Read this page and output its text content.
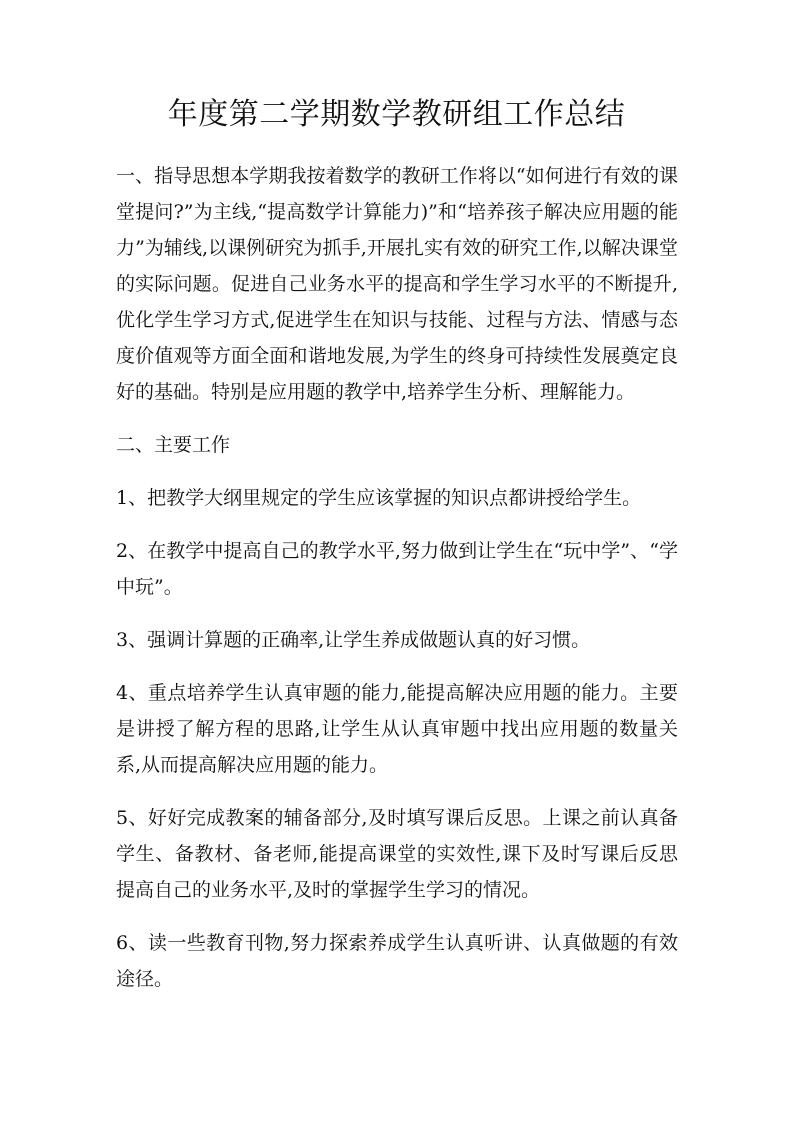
年度第二学期数学教研组工作总结

一、指导思想本学期我按着数学的教研工作将以“如何进行有效的课堂提问?”为主线,“提高数学计算能力)”和“培养孩子解决应用题的能力”为辅线,以课例研究为抓手,开展扎实有效的研究工作,以解决课堂的实际问题。促进自己业务水平的提高和学生学习水平的不断提升,优化学生学习方式,促进学生在知识与技能、过程与方法、情感与态度价值观等方面全面和谐地发展,为学生的终身可持续性发展奠定良好的基础。特别是应用题的教学中,培养学生分析、理解能力。

二、主要工作

1、把教学大纲里规定的学生应该掌握的知识点都讲授给学生。

2、在教学中提高自己的教学水平,努力做到让学生在“玩中学”、“学中玩”。

3、强调计算题的正确率,让学生养成做题认真的好习惯。

4、重点培养学生认真审题的能力,能提高解决应用题的能力。主要是讲授了解方程的思路,让学生从认真审题中找出应用题的数量关系,从而提高解决应用题的能力。

5、好好完成教案的辅备部分,及时填写课后反思。上课之前认真备学生、备教材、备老师,能提高课堂的实效性,课下及时写课后反思提高自己的业务水平,及时的掌握学生学习的情况。

6、读一些教育刊物,努力探索养成学生认真听讲、认真做题的有效途径。
